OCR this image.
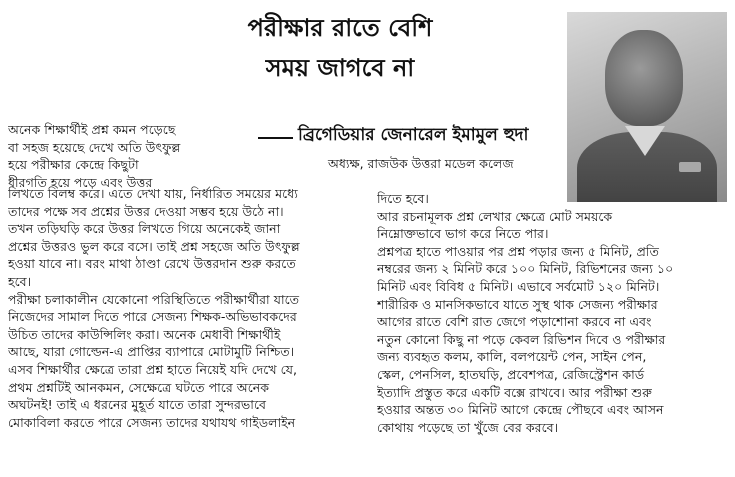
পরীক্ষার রাতে বেশি
সময় জাগবে না
ব্রিগেডিয়ার জেনারেল ইমামুল হুদা
অধ্যক্ষ, রাজউক উত্তরা মডেল কলেজ
অনেক শিক্ষার্থীই প্রশ্ন কমন পড়েছে
বা সহজ হয়েছে দেখে অতি উৎফুল্ল
হয়ে পরীক্ষার কেন্দ্রে কিছুটা
ধীরগতি হয়ে পড়ে এবং উত্তর
লিখতে বিলম্ব করে। এতে দেখা যায়, নির্ধারিত সময়ের মধ্যে
তাদের পক্ষে সব প্রশ্নের উত্তর দেওয়া সম্ভব হয়ে উঠে না।
তখন তড়িঘড়ি করে উত্তর লিখতে গিয়ে অনেকেই জানা
প্রশ্নের উত্তরও ভুল করে বসে। তাই প্রশ্ন সহজে অতি উৎফুল্ল
হওয়া যাবে না। বরং মাথা ঠাণ্ডা রেখে উত্তরদান শুরু করতে
হবে।
পরীক্ষা চলাকালীন যেকোনো পরিস্থিতিতে পরীক্ষার্থীরা যাতে
নিজেদের সামাল দিতে পারে সেজন্য শিক্ষক-অভিভাবকদের
উচিত তাদের কাউন্সিলিং করা। অনেক মেধাবী শিক্ষার্থীই
আছে, যারা গোল্ডেন-এ প্রাপ্তির ব্যাপারে মোটামুটি নিশ্চিত।
এসব শিক্ষার্থীর ক্ষেত্রে তারা প্রশ্ন হাতে নিয়েই যদি দেখে যে,
প্রথম প্রশ্নটিই আনকমন, সেক্ষেত্রে ঘটতে পারে অনেক
অঘটনই! তাই এ ধরনের মুহূর্ত যাতে তারা সুন্দরভাবে
মোকাবিলা করতে পারে সেজন্য তাদের যথাযথ গাইডলাইন
দিতে হবে।
আর রচনামূলক প্রশ্ন লেখার ক্ষেত্রে মোট সময়কে
নিম্নোক্তভাবে ভাগ করে নিতে পার।
প্রশ্নপত্র হাতে পাওয়ার পর প্রশ্ন পড়ার জন্য ৫ মিনিট, প্রতি
নম্বরের জন্য ২ মিনিট করে ১০০ মিনিট, রিভিশনের জন্য ১০
মিনিট এবং বিবিধ ৫ মিনিট। এভাবে সর্বমোট ১২০ মিনিট।
শারীরিক ও মানসিকভাবে যাতে সুস্থ থাক সেজন্য পরীক্ষার
আগের রাতে বেশি রাত জেগে পড়াশোনা করবে না এবং
নতুন কোনো কিছু না পড়ে কেবল রিভিশন দিবে ও পরীক্ষার
জন্য ব্যবহৃত কলম, কালি, বলপয়েন্ট পেন, সাইন পেন,
স্কেল, পেনসিল, হাতঘড়ি, প্রবেশপত্র, রেজিস্ট্রেশন কার্ড
ইত্যাদি প্রস্তুত করে একটি বক্সে রাখবে। আর পরীক্ষা শুরু
হওয়ার অন্তত ৩০ মিনিট আগে কেন্দ্রে পৌছবে এবং আসন
কোথায় পড়েছে তা খুঁজে বের করবে।
